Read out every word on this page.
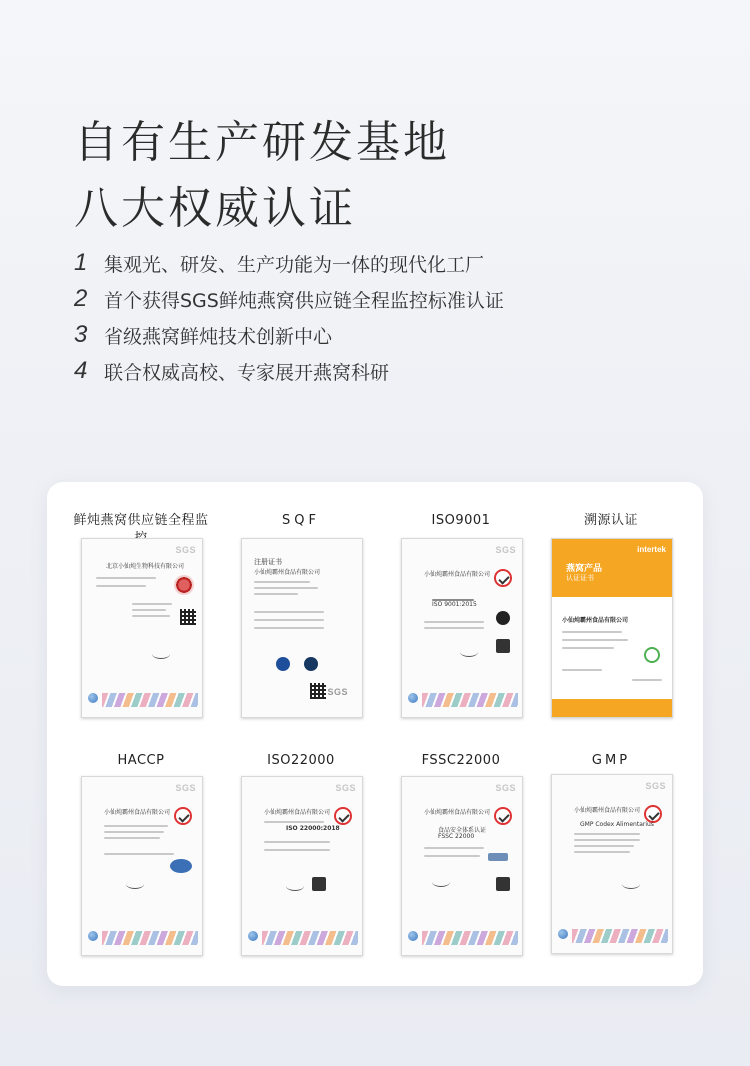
自有生产研发基地
八大权威认证
1 集观光、研发、生产功能为一体的现代化工厂
2 首个获得SGS鲜炖燕窝供应链全程监控标准认证
3 省级燕窝鲜炖技术创新中心
4 联合权威高校、专家展开燕窝科研
鲜炖燕窝供应链全程监
SGS
北京小仙炖生物科技有限公司
SQF
注册证书
小仙炖霸州食品有限公司
SGS
ISO9001
SGS
小仙炖霸州食品有限公司
ISO 9001:2015
溯源认证
intertek
燕窝产品
认证证书
小仙炖霸州食品有限公司
HACCP
SGS
小仙炖霸州食品有限公司
ISO22000
SGS
小仙炖霸州食品有限公司
ISO 22000:2018
FSSC22000
SGS
小仙炖霸州食品有限公司
食品安全体系认证
FSSC 22000
GMP
SGS
小仙炖霸州食品有限公司
GMP Codex Alimentarius
